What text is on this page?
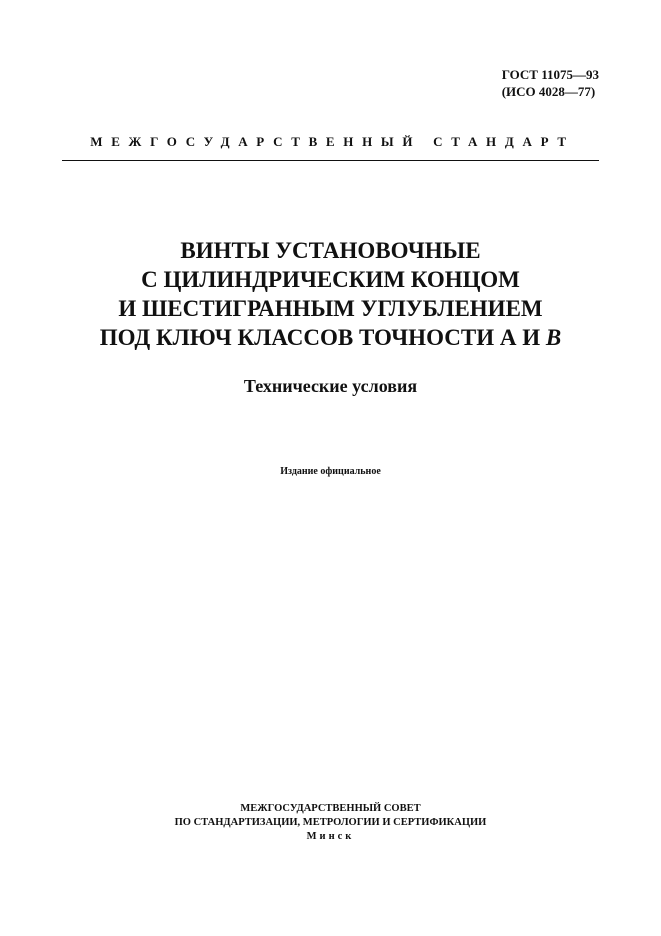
ГОСТ 11075—93
(ИСО 4028—77)
МЕЖГОСУДАРСТВЕННЫЙ СТАНДАРТ
ВИНТЫ УСТАНОВОЧНЫЕ
С ЦИЛИНДРИЧЕСКИМ КОНЦОМ
И ШЕСТИГРАННЫМ УГЛУБЛЕНИЕМ
ПОД КЛЮЧ КЛАССОВ ТОЧНОСТИ А И В
Технические условия
Издание официальное
МЕЖГОСУДАРСТВЕННЫЙ СОВЕТ
ПО СТАНДАРТИЗАЦИИ, МЕТРОЛОГИИ И СЕРТИФИКАЦИИ
Минск
